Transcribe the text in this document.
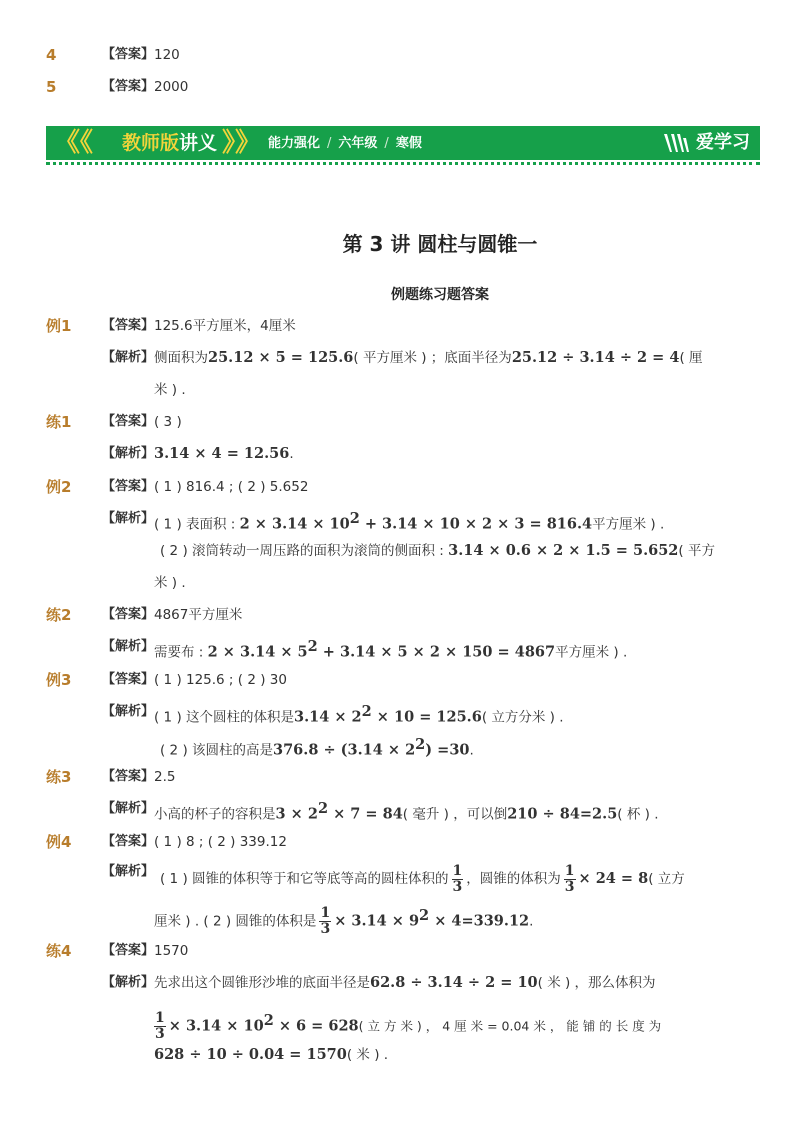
4	【答案】 120
5	【答案】 2000
《《 教师版讲义 》》 能力强化 / 六年级 / 寒假	爱学习
第 3 讲 圆柱与圆锥一
例题练习题答案
例1 【答案】 125.6平方厘米，4厘米
【解析】 侧面积为25.12 × 5 = 125.6( 平方厘米 ) ；底面半径为25.12 ÷ 3.14 ÷ 2 = 4( 厘
米 ) .
练1 【答案】 ( 3 )
【解析】 3.14 × 4 = 12.56.
例2 【答案】 ( 1 ) 816.4 ; ( 2 ) 5.652
【解析】 ( 1 ) 表面积 : $2 \times 3.14 \times 10^2 + 3.14 \times 10 \times 2 \times 3 = 816.4$平方厘米 ) .
( 2 ) 滚筒转动一周压路的面积为滚筒的侧面积 : 3.14 × 0.6 × 2 × 1.5 = 5.652( 平方
米 ) .
练2 【答案】 4867平方厘米
【解析】 需要布 : $2 \times 3.14 \times 5^2 + 3.14 \times 5 \times 2 \times 150 = 4867$平方厘米 ) .
例3 【答案】 ( 1 ) 125.6 ; ( 2 ) 30
【解析】 ( 1 ) 这个圆柱的体积是$3.14 \times 2^2 \times 10 = 125.6$( 立方分米 ) .
( 2 ) 该圆柱的高是$376.8 \div (3.14 \times 2^2) =30$.
练3 【答案】 2.5
【解析】 小高的杯子的容积是$3 \times 2^2 \times 7 = 84$( 毫升 ) ，可以倒210 ÷ 84=2.5( 杯 ) .
例4 【答案】 ( 1 ) 8 ; ( 2 ) 339.12
【解析】 ( 1 ) 圆锥的体积等于和它等底等高的圆柱体积的 $\frac{1}{3}$ ，圆锥的体积为 $\frac{1}{3} \times 24 = 8$( 立方
厘米 ) . ( 2 ) 圆锥的体积是 $\frac{1}{3} \times 3.14 \times 9^2 \times 4=339.12$.
练4 【答案】 1570
【解析】 先求出这个圆锥形沙堆的底面半径是62.8 ÷ 3.14 ÷ 2 = 10( 米 ) ，那么体积为
$\frac{1}{3} \times 3.14 \times 10^2 \times 6 = 628$( 立 方 米 ) ， 4 厘 米 = 0.04 米 ， 能 铺 的 长 度 为
628 ÷ 10 ÷ 0.04 = 1570( 米 ) .
